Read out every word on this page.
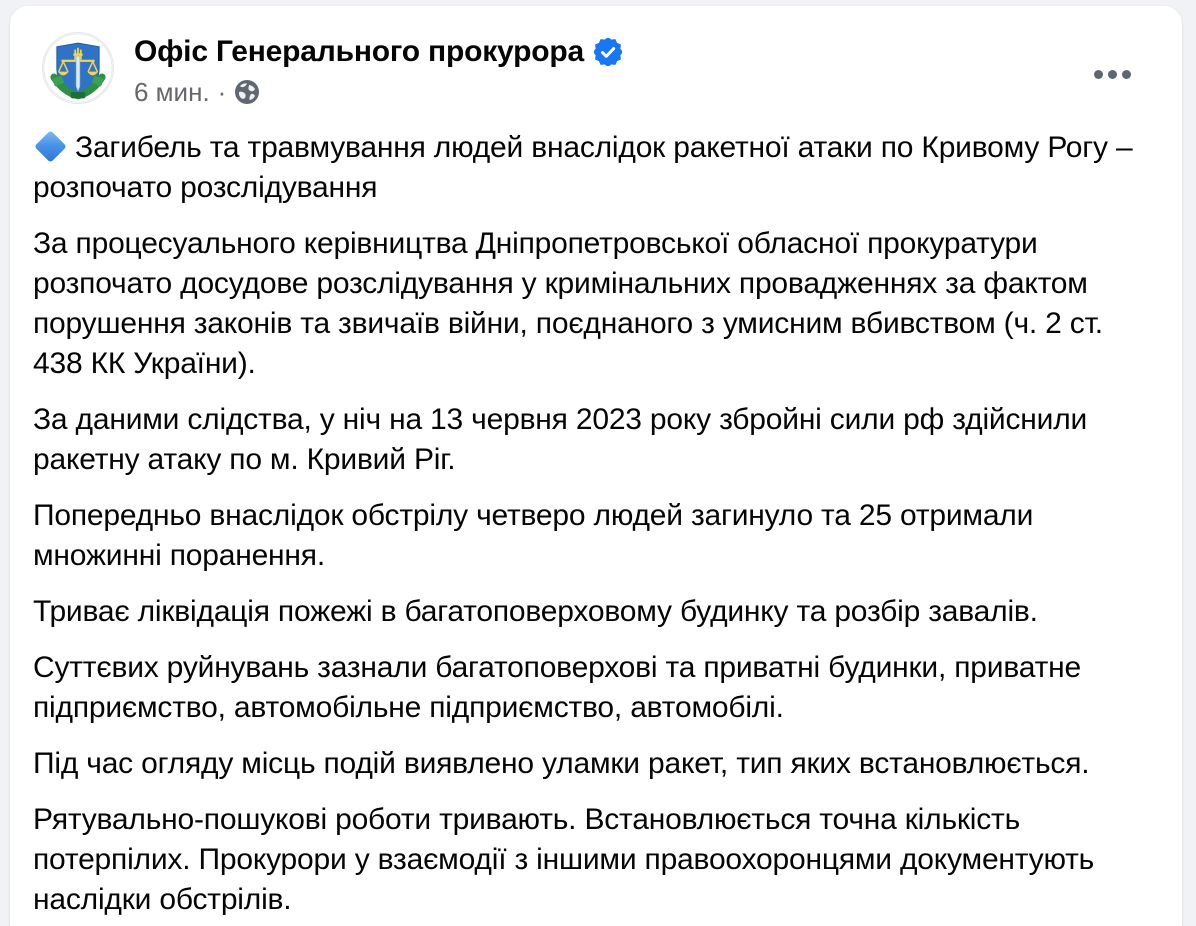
Офіс Генерального прокурора
6 мин. ·

Загибель та травмування людей внаслідок ракетної атаки по Кривому Рогу – розпочато розслідування

За процесуального керівництва Дніпропетровської обласної прокуратури розпочато досудове розслідування у кримінальних провадженнях за фактом порушення законів та звичаїв війни, поєднаного з умисним вбивством (ч. 2 ст. 438 КК України).

За даними слідства, у ніч на 13 червня 2023 року збройні сили рф здійснили ракетну атаку по м. Кривий Ріг.

Попередньо внаслідок обстрілу четверо людей загинуло та 25 отримали множинні поранення.

Триває ліквідація пожежі в багатоповерховому будинку та розбір завалів.

Суттєвих руйнувань зазнали багатоповерхові та приватні будинки, приватне підприємство, автомобільне підприємство, автомобілі.

Під час огляду місць подій виявлено уламки ракет, тип яких встановлюється.

Рятувально-пошукові роботи тривають. Встановлюється точна кількість потерпілих. Прокурори у взаємодії з іншими правоохоронцями документують наслідки обстрілів.
